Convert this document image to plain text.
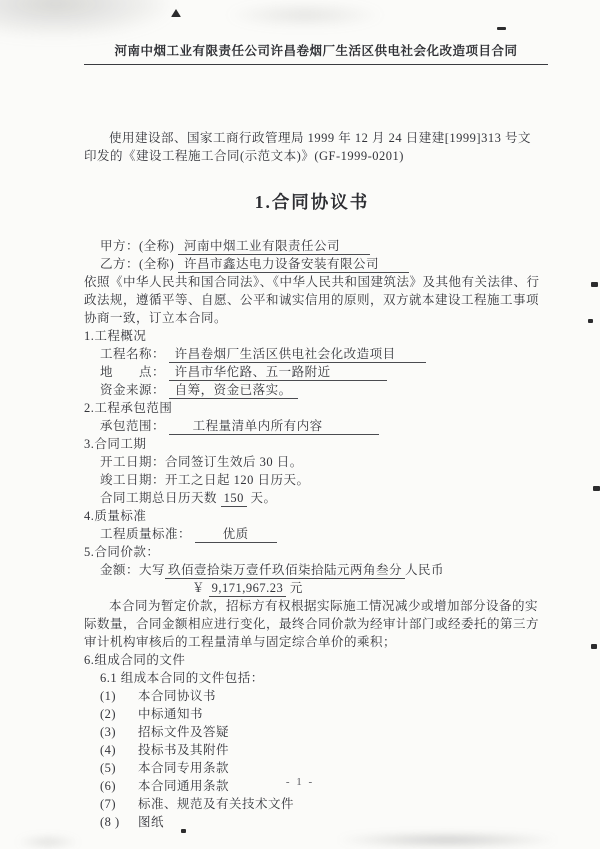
河南中烟工业有限责任公司许昌卷烟厂生活区供电社会化改造项目合同

使用建设部、国家工商行政管理局 1999 年 12 月 24 日建建[1999]313 号文印发的《建设工程施工合同(示范文本)》(GF-1999-0201)

1.合同协议书
甲方：(全称) 河南中烟工业有限责任公司
乙方：(全称) 许昌市鑫达电力设备安装有限公司

依照《中华人民共和国合同法》、《中华人民共和国建筑法》及其他有关法律、行政法规，遵循平等、自愿、公平和诚实信用的原则，双方就本建设工程施工事项协商一致，订立本合同。

1.工程概况
工程名称： 许昌卷烟厂生活区供电社会化改造项目
地　　点： 许昌市华佗路、五一路附近
资金来源： 自筹，资金已落实。
2.工程承包范围
承包范围： 工程量清单内所有内容
3.合同工期
开工日期：合同签订生效后 30 日。
竣工日期：开工之日起 120 日历天。
合同工期总日历天数 150 天。
4.质量标准
工程质量标准：	优质
5.合同价款：
金额：大写 玖佰壹拾柒万壹仟玖佰柒拾陆元两角叁分 人民币
￥ 9,171,967.23 元

本合同为暂定价款，招标方有权根据实际施工情况减少或增加部分设备的实际数量，合同金额相应进行变化，最终合同价款为经审计部门或经委托的第三方审计机构审核后的工程量清单与固定综合单价的乘积；

6.组成合同的文件
6.1 组成本合同的文件包括：
(1)	本合同协议书
(2)	中标通知书
(3)	招标文件及答疑
(4)	投标书及其附件
(5)	本合同专用条款
(6)	本合同通用条款
(7)	标准、规范及有关技术文件
(8 )	图纸
- 1 -
